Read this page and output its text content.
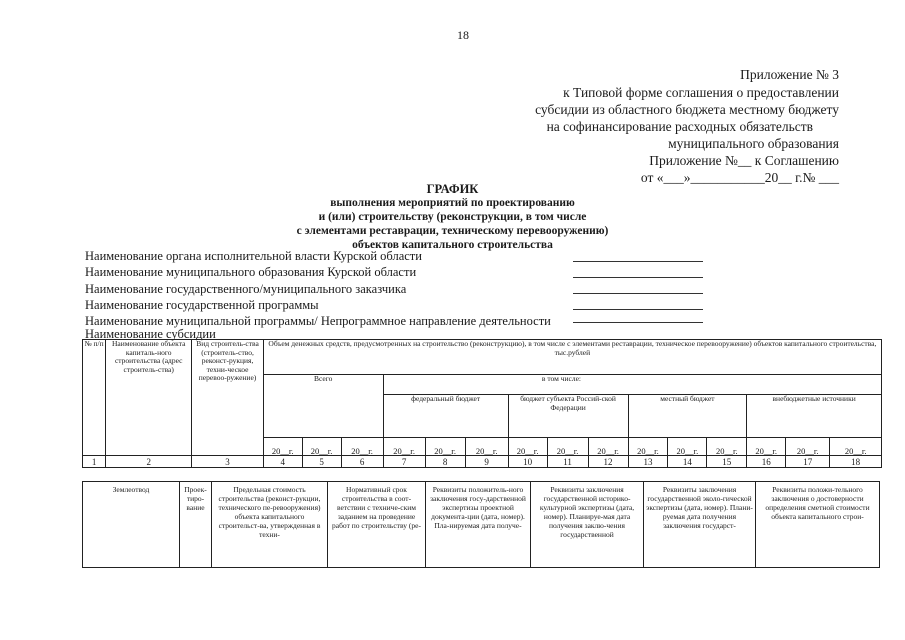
18
Приложение № 3
к Типовой форме соглашения о предоставлении
субсидии из областного бюджета местному бюджету
на софинансирование расходных обязательств
муниципального образования
Приложение №__ к Соглашению
от «___»___________20__ г.№ ___
ГРАФИК
выполнения мероприятий по проектированию
и (или) строительству (реконструкции, в том числе
с элементами реставрации, техническому перевооружению)
объектов капитального строительства
Наименование органа исполнительной власти Курской области
Наименование муниципального образования Курской области
Наименование государственного/муниципального заказчика
Наименование государственной программы
Наименование муниципальной программы/ Непрограммное направление деятельности
Наименование субсидии
№ п/п	Наименование объекта капиталь-ного строительства (адрес строитель-ства)	Вид строитель-ства (строитель-ство, реконст-рукция, техни-ческое перевоо-ружение)	Объем денежных средств, предусмотренных на строительство (реконструкцию), в том числе с элементами реставрации, техническое перевооружение) объектов капитального строительства, тыс.рублей														
			Всего			в том числе:											
						федеральный бюджет			бюджет субъекта Россий-ской Федерации			местный бюджет			внебюджетные источники		
			20__г.	20__г.	20__г.	20__г.	20__г.	20__г.	20__г.	20__г.	20__г.	20__г.	20__г.	20__г.	20__г.	20__г.	20__г.
1	2	3	4	5	6	7	8	9	10	11	12	13	14	15	16	17	18
Землеотвод	Проек-тиро-вание	Предельная стоимость строительства (реконст-рукции, технического пе-ревооружения) объекта капитального строительст-ва, утвержденная в техни-	Нормативный срок строительства в соот-ветствии с техниче-ским заданием на проведение работ по строительству (ре-	Реквизиты положитель-ного заключения госу-дарственной экспертизы проектной документа-ции (дата, номер). Пла-нируемая дата получе-	Реквизиты заключения государственной историко-культурной экспертизы (дата, номер). Планируе-мая дата получения заклю-чения государственной	Реквизиты заключения государственной эколо-гической экспертизы (дата, номер). Плани-руемая дата получения заключения государст-	Реквизиты положи-тельного заключения о достоверности определения сметной стоимости объекта капитального строи-
